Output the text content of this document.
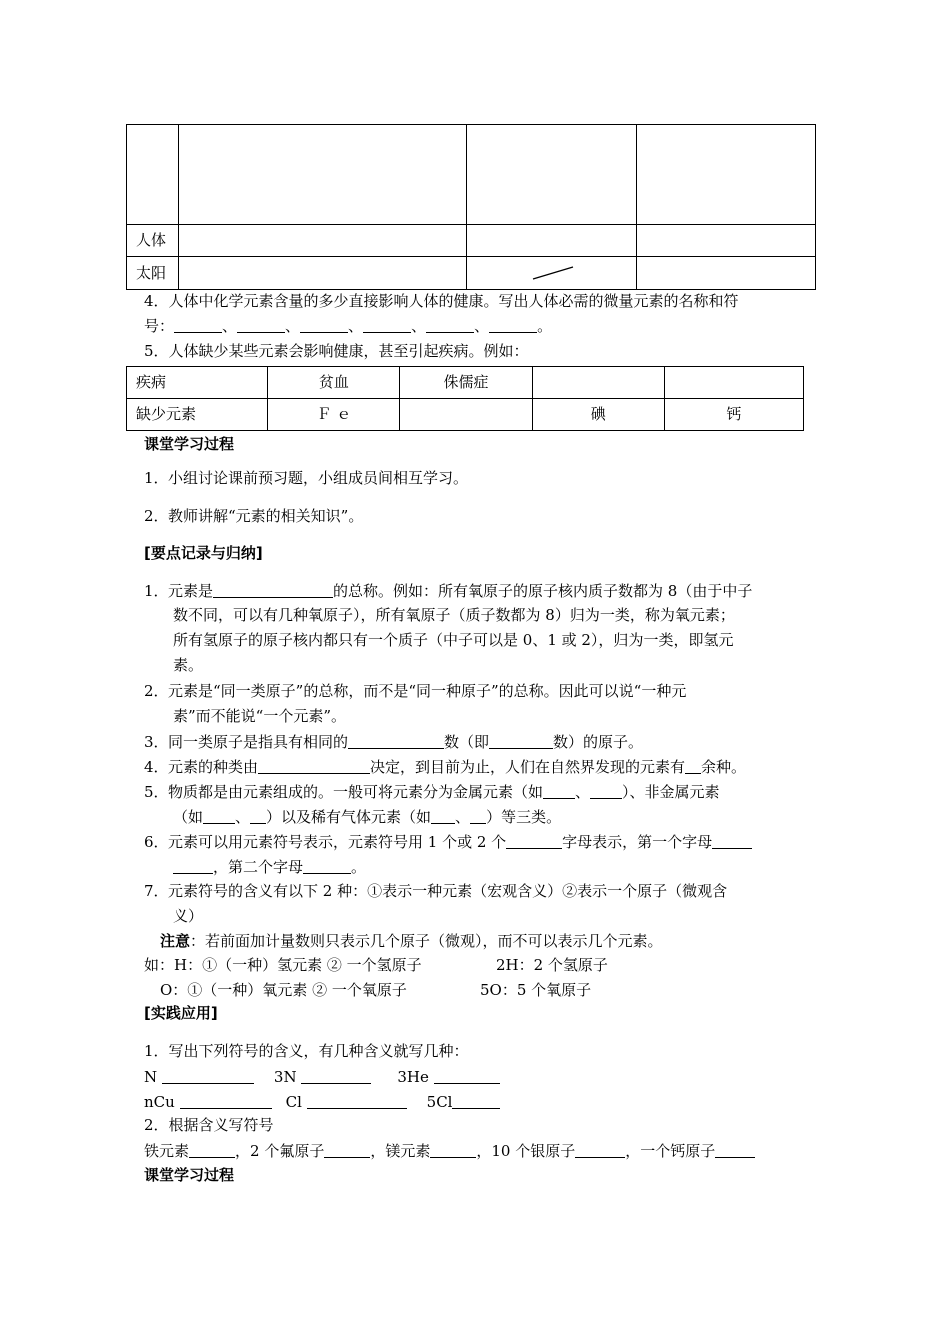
人体			
太阳		

4．人体中化学元素含量的多少直接影响人体的健康。写出人体必需的微量元素的名称和符
号：	、	、	、	、	、	。
5．人体缺少某些元素会影响健康，甚至引起疾病。例如：
疾病	贫血	侏儒症		
缺少元素	Ｆ ｅ		碘	钙
课堂学习过程
1．小组讨论课前预习题，小组成员间相互学习。
2．教师讲解“元素的相关知识”。
[要点记录与归纳]
1．元素是	的总称。例如：所有氧原子的原子核内质子数都为 8（由于中子
数不同，可以有几种氧原子），所有氧原子（质子数都为 8）归为一类，称为氧元素；
所有氢原子的原子核内都只有一个质子（中子可以是 0、1 或 2），归为一类，即氢元
素。
2．元素是“同一类原子”的总称，而不是“同一种原子”的总称。因此可以说“一种元
素”而不能说“一个元素”。
3．同一类原子是指具有相同的	数（即	数）的原子。
4．元素的种类由	决定，到目前为止，人们在自然界发现的元素有 余种。
5．物质都是由元素组成的。一般可将元素分为金属元素（如 、 ）、非金属元素
（如 、 ）以及稀有气体元素（如 、 ）等三类。
6．元素可以用元素符号表示，元素符号用 1 个或 2 个	字母表示，第一个字母
，第二个字母	。
7．元素符号的含义有以下 2 种：①表示一种元素（宏观含义）②表示一个原子（微观含
义）
注意：若前面加计量数则只表示几个原子（微观），而不可以表示几个元素。
如：H：①（一种）氢元素 ② 一个氢原子	2H：2 个氢原子
O：①（一种）氧元素 ② 一个氧原子	5O：5 个氧原子
[实践应用]
1．写出下列符号的含义，有几种含义就写几种：
N	3N	3He
nCu	Cl	5Cl
2．根据含义写符号
铁元素	，2 个氟原子	，镁元素	，10 个银原子	，一个钙原子
课堂学习过程
